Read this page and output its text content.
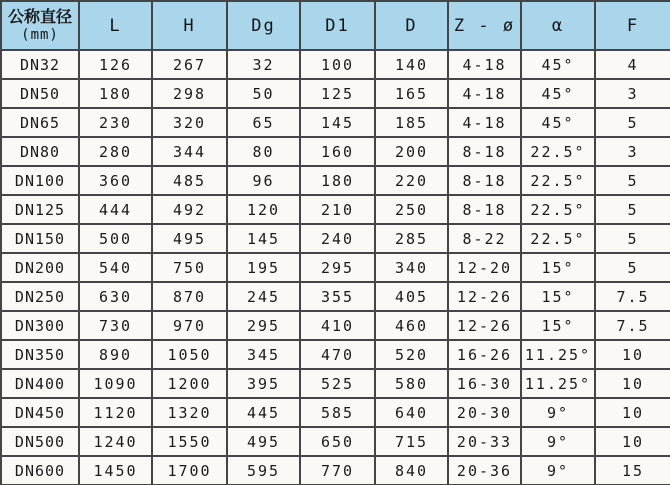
公称直径
(mm)	L	H	Dg	D1	D	Z - ø	α	F
DN32	126	267	32	100	140	4-18	45°	4
DN50	180	298	50	125	165	4-18	45°	3
DN65	230	320	65	145	185	4-18	45°	5
DN80	280	344	80	160	200	8-18	22.5°	3
DN100	360	485	96	180	220	8-18	22.5°	5
DN125	444	492	120	210	250	8-18	22.5°	5
DN150	500	495	145	240	285	8-22	22.5°	5
DN200	540	750	195	295	340	12-20	15°	5
DN250	630	870	245	355	405	12-26	15°	7.5
DN300	730	970	295	410	460	12-26	15°	7.5
DN350	890	1050	345	470	520	16-26	11.25°	10
DN400	1090	1200	395	525	580	16-30	11.25°	10
DN450	1120	1320	445	585	640	20-30	9°	10
DN500	1240	1550	495	650	715	20-33	9°	10
DN600	1450	1700	595	770	840	20-36	9°	15
